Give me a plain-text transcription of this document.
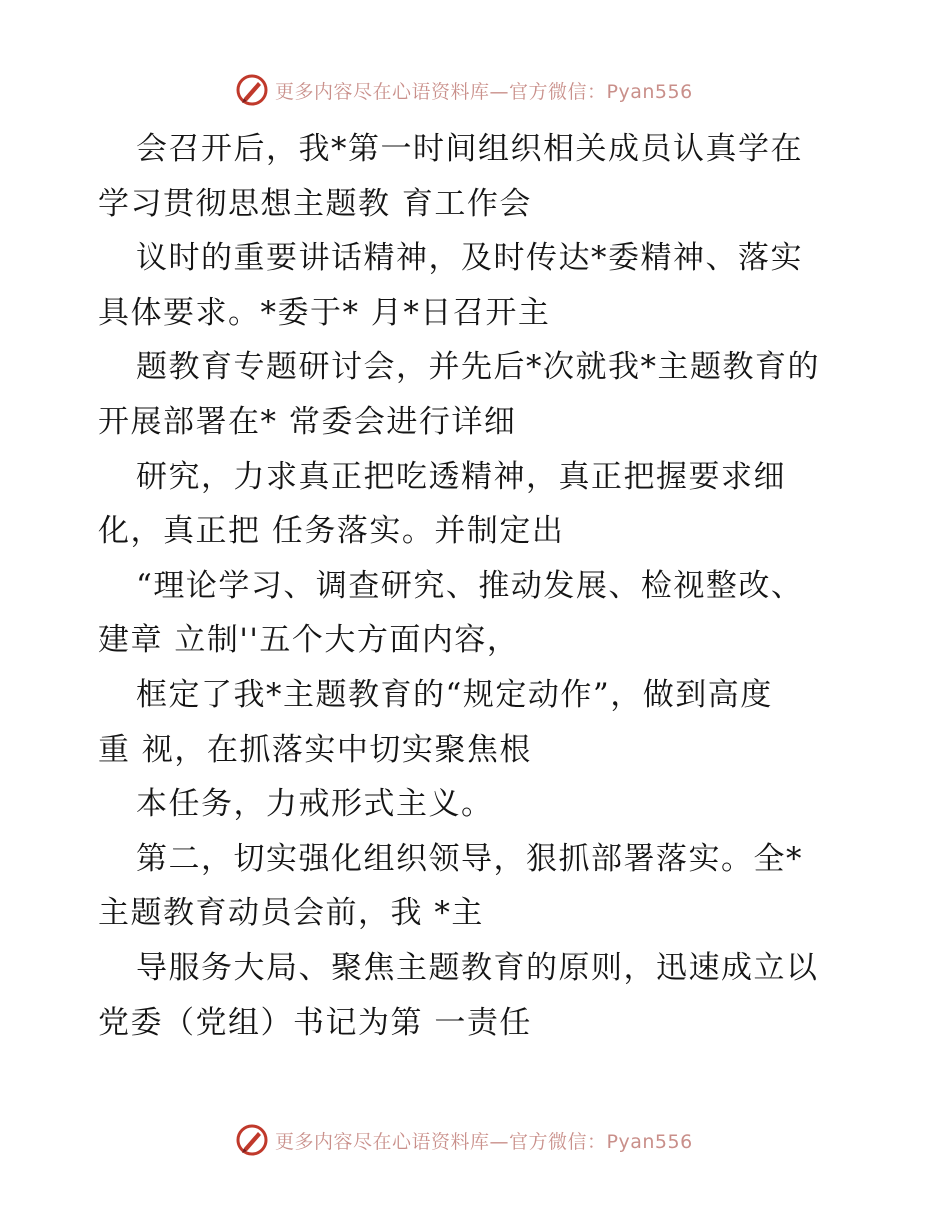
更多内容尽在心语资料库—官方微信：Pyan556
会召开后，我*第一时间组织相关成员认真学在
学习贯彻思想主题教 育工作会
议时的重要讲话精神，及时传达*委精神、落实
具体要求。*委于* 月*日召开主
题教育专题研讨会，并先后*次就我*主题教育的
开展部署在* 常委会进行详细
研究，力求真正把吃透精神，真正把握要求细
化，真正把 任务落实。并制定出
“理论学习、调查研究、推动发展、检视整改、
建章 立制''五个大方面内容，
框定了我*主题教育的“规定动作”，做到高度
重 视，在抓落实中切实聚焦根
本任务，力戒形式主义。
第二，切实强化组织领导，狠抓部署落实。全*
主题教育动员会前，我 *主
导服务大局、聚焦主题教育的原则，迅速成立以
党委（党组）书记为第 一责任
更多内容尽在心语资料库—官方微信：Pyan556
